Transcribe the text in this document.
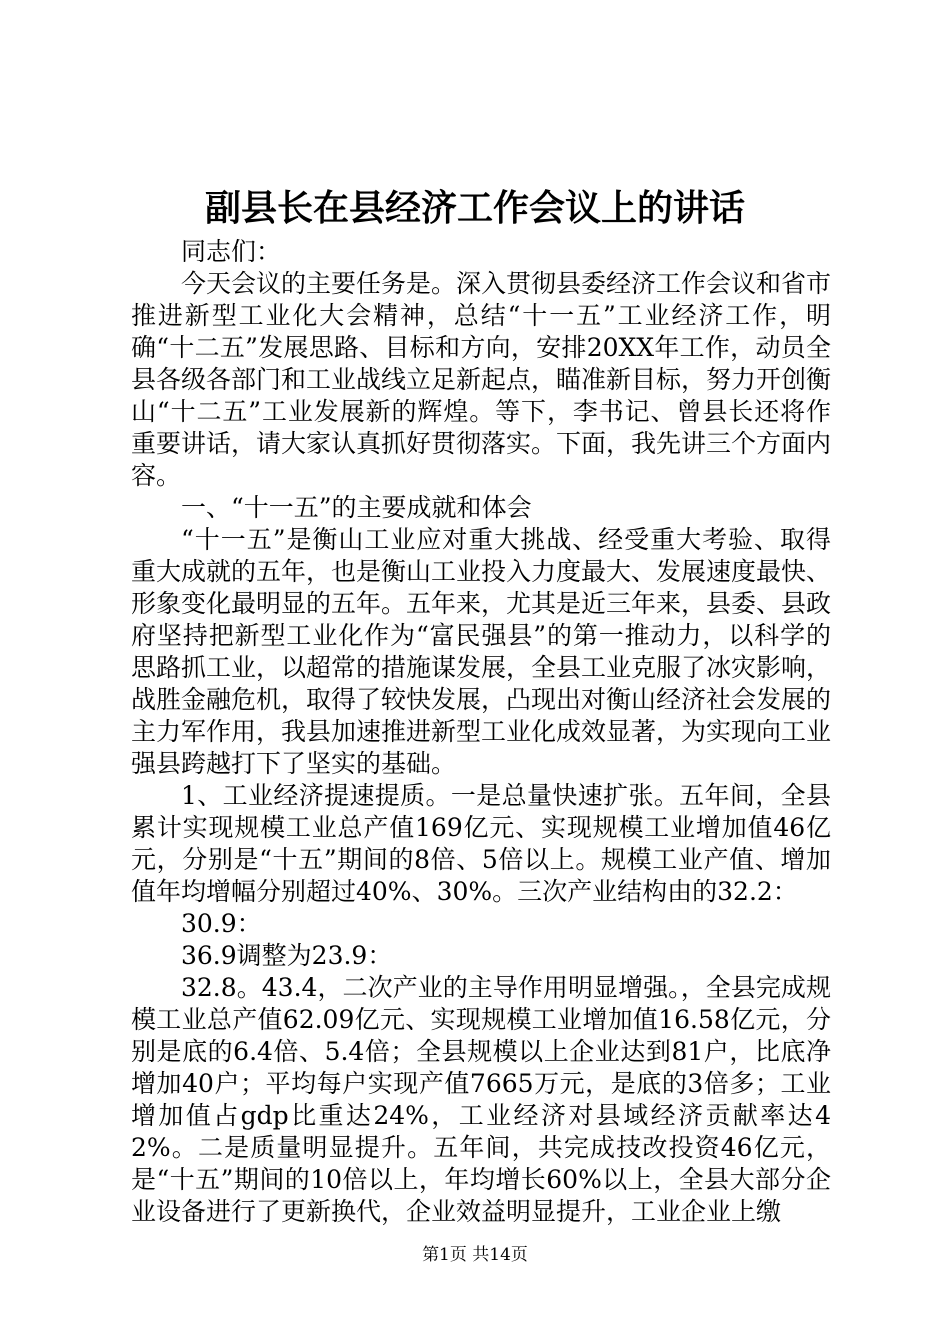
副县长在县经济工作会议上的讲话

同志们：

今天会议的主要任务是。深入贯彻县委经济工作会议和省市推进新型工业化大会精神，总结“十一五”工业经济工作，明确“十二五”发展思路、目标和方向，安排20XX年工作，动员全县各级各部门和工业战线立足新起点，瞄准新目标，努力开创衡山“十二五”工业发展新的辉煌。等下，李书记、曾县长还将作重要讲话，请大家认真抓好贯彻落实。下面，我先讲三个方面内容。

一、“十一五”的主要成就和体会

“十一五”是衡山工业应对重大挑战、经受重大考验、取得重大成就的五年，也是衡山工业投入力度最大、发展速度最快、形象变化最明显的五年。五年来，尤其是近三年来，县委、县政府坚持把新型工业化作为“富民强县”的第一推动力，以科学的思路抓工业，以超常的措施谋发展，全县工业克服了冰灾影响，战胜金融危机，取得了较快发展，凸现出对衡山经济社会发展的主力军作用，我县加速推进新型工业化成效显著，为实现向工业强县跨越打下了坚实的基础。

1、工业经济提速提质。一是总量快速扩张。五年间，全县累计实现规模工业总产值169亿元、实现规模工业增加值46亿元，分别是“十五”期间的8倍、5倍以上。规模工业产值、增加值年均增幅分别超过40%、30%。三次产业结构由的32.2：

30.9：

36.9调整为23.9：

32.8。43.4，二次产业的主导作用明显增强。，全县完成规模工业总产值62.09亿元、实现规模工业增加值16.58亿元，分别是底的6.4倍、5.4倍；全县规模以上企业达到81户，比底净增加40户；平均每户实现产值7665万元，是底的3倍多；工业增加值占gdp比重达24%，工业经济对县域经济贡献率达42%。二是质量明显提升。五年间，共完成技改投资46亿元，是“十五”期间的10倍以上，年均增长60%以上，全县大部分企业设备进行了更新换代，企业效益明显提升，工业企业上缴

第1页 共14页
